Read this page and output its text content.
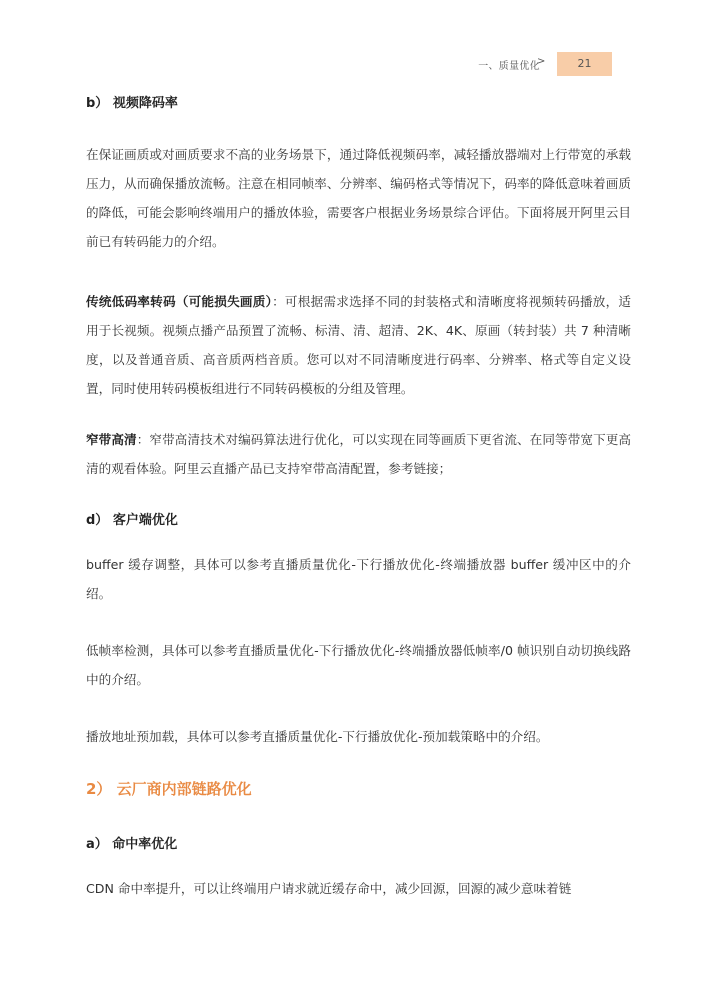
一、质量优化
>	21

b） 视频降码率

在保证画质或对画质要求不高的业务场景下，通过降低视频码率，减轻播放器端对上行带宽的承载压力，从而确保播放流畅。注意在相同帧率、分辨率、编码格式等情况下，码率的降低意味着画质的降低，可能会影响终端用户的播放体验，需要客户根据业务场景综合评估。下面将展开阿里云目前已有转码能力的介绍。

传统低码率转码（可能损失画质）：可根据需求选择不同的封装格式和清晰度将视频转码播放，适用于长视频。视频点播产品预置了流畅、标清、清、超清、2K、4K、原画（转封装）共 7 种清晰度，以及普通音质、高音质两档音质。您可以对不同清晰度进行码率、分辨率、格式等自定义设置，同时使用转码模板组进行不同转码模板的分组及管理。

窄带高清：窄带高清技术对编码算法进行优化，可以实现在同等画质下更省流、在同等带宽下更高清的观看体验。阿里云直播产品已支持窄带高清配置，参考链接；

d） 客户端优化

buffer 缓存调整，具体可以参考直播质量优化-下行播放优化-终端播放器 buffer 缓冲区中的介绍。

低帧率检测，具体可以参考直播质量优化-下行播放优化-终端播放器低帧率/0 帧识别自动切换线路中的介绍。

播放地址预加载，具体可以参考直播质量优化-下行播放优化-预加载策略中的介绍。

2） 云厂商内部链路优化

a） 命中率优化

CDN 命中率提升，可以让终端用户请求就近缓存命中，减少回源，回源的减少意味着链
